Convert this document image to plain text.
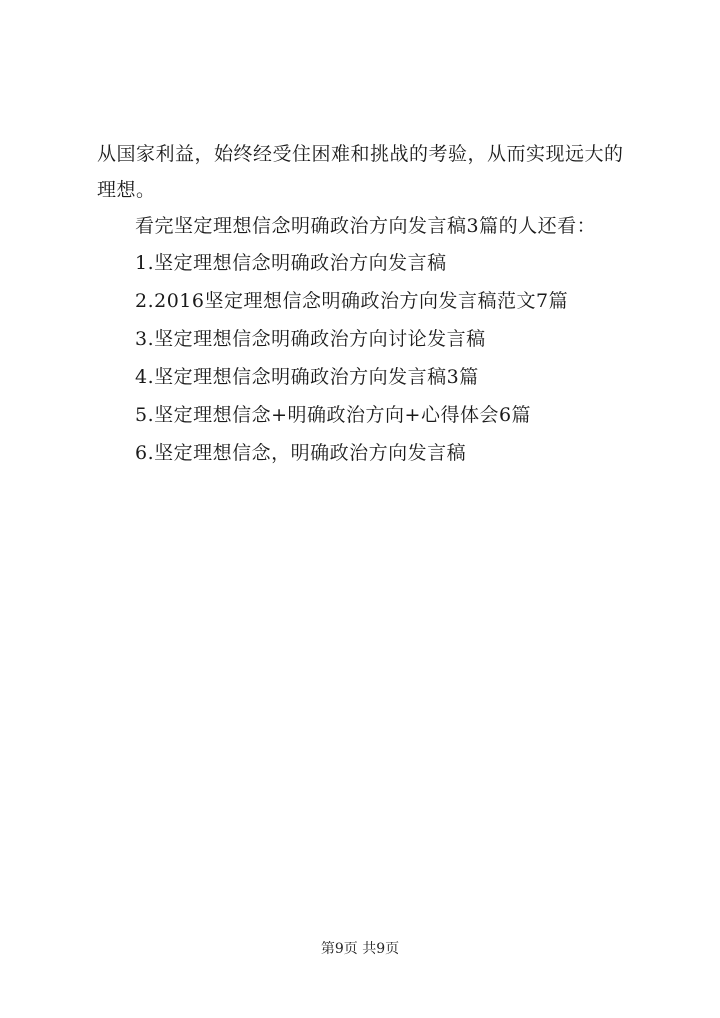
从国家利益，始终经受住困难和挑战的考验，从而实现远大的理想。

看完坚定理想信念明确政治方向发言稿3篇的人还看：

1.坚定理想信念明确政治方向发言稿
2.2016坚定理想信念明确政治方向发言稿范文7篇
3.坚定理想信念明确政治方向讨论发言稿
4.坚定理想信念明确政治方向发言稿3篇
5.坚定理想信念+明确政治方向+心得体会6篇
6.坚定理想信念，明确政治方向发言稿
第9页 共9页
